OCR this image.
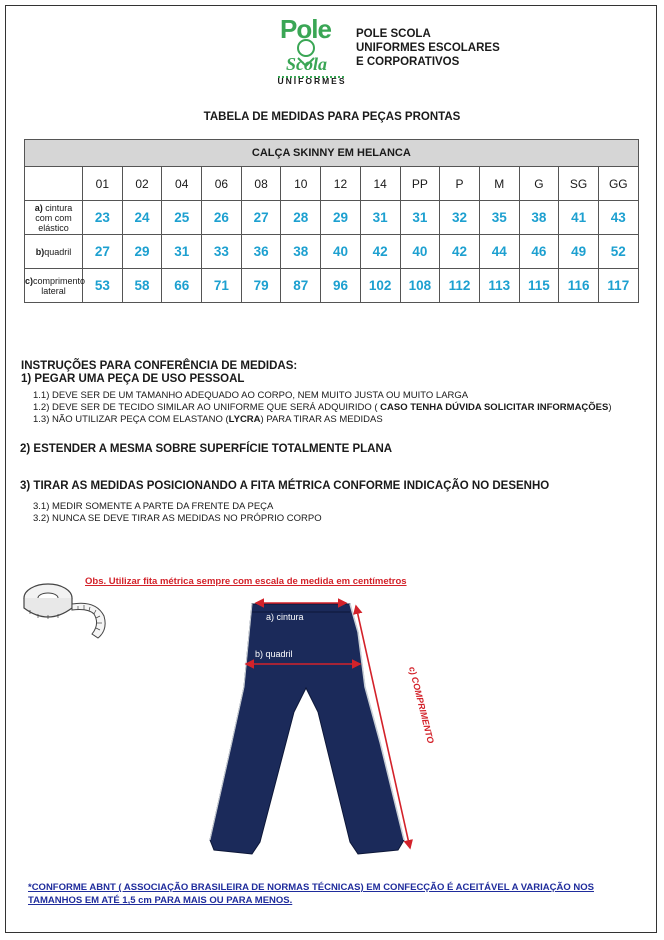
Pole
Scola
UNIFORMES
POLE SCOLA
UNIFORMES ESCOLARES
E CORPORATIVOS
TABELA DE MEDIDAS PARA PEÇAS PRONTAS
CALÇA SKINNY EM HELANCA														
	01	02	04	06	08	10	12	14	PP	P	M	G	SG	GG
a) cintura com com elástico	23	24	25	26	27	28	29	31	31	32	35	38	41	43
b)quadril	27	29	31	33	36	38	40	42	40	42	44	46	49	52
c)comprimento lateral	53	58	66	71	79	87	96	102	108	112	113	115	116	117
INSTRUÇÕES PARA CONFERÊNCIA DE MEDIDAS:
1) PEGAR UMA PEÇA DE USO PESSOAL
1.1) DEVE SER DE UM TAMANHO ADEQUADO AO CORPO, NEM MUITO JUSTA OU MUITO LARGA
1.2) DEVE SER DE TECIDO SIMILAR AO UNIFORME QUE SERÁ ADQUIRIDO ( CASO TENHA DÚVIDA SOLICITAR INFORMAÇÕES)
1.3) NÃO UTILIZAR PEÇA COM ELASTANO (LYCRA) PARA TIRAR AS MEDIDAS
2) ESTENDER A MESMA SOBRE SUPERFÍCIE TOTALMENTE PLANA
3) TIRAR AS MEDIDAS POSICIONANDO A FITA MÉTRICA CONFORME INDICAÇÃO NO DESENHO
3.1) MEDIR SOMENTE A PARTE DA FRENTE DA PEÇA
3.2) NUNCA SE DEVE TIRAR AS MEDIDAS NO PRÓPRIO CORPO
Obs. Utilizar fita métrica sempre com escala de medida em centímetros
a) cintura
b) quadril
c) COMPRIMENTO
*CONFORME ABNT ( ASSOCIAÇÃO BRASILEIRA DE NORMAS TÉCNICAS) EM CONFECÇÃO É ACEITÁVEL A VARIAÇÃO NOS TAMANHOS EM ATÉ 1,5 cm PARA MAIS OU PARA MENOS.
